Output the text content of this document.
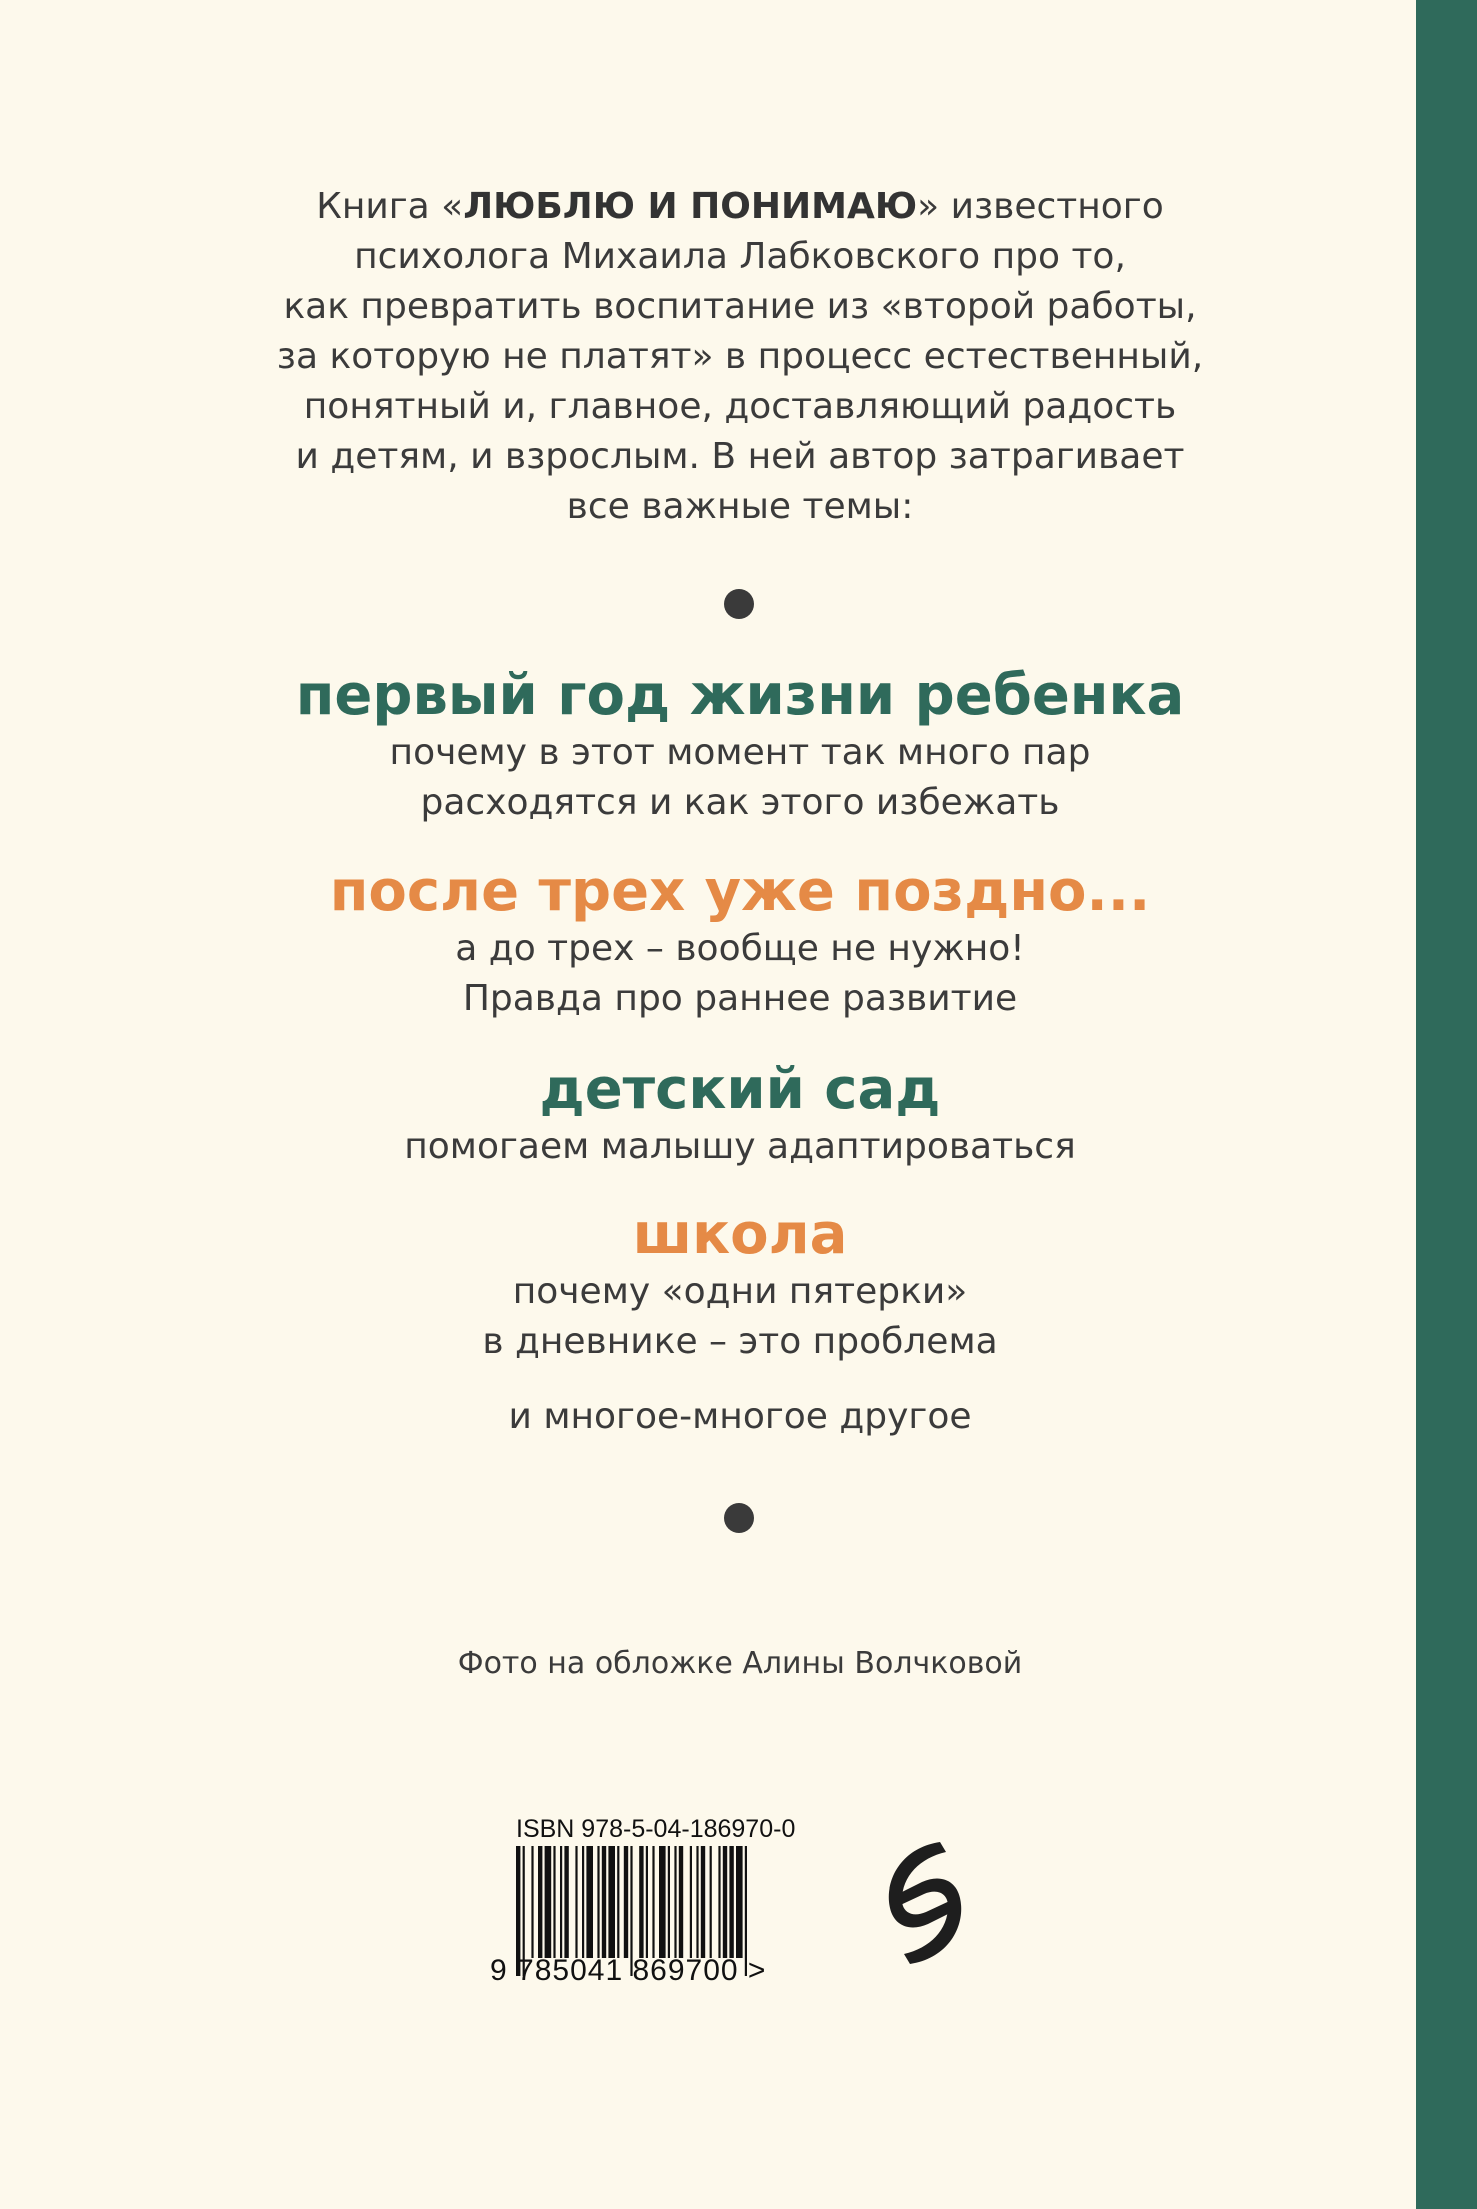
Книга «ЛЮБЛЮ И ПОНИМАЮ» известного
психолога Михаила Лабковского про то,
как превратить воспитание из «второй работы,
за которую не платят» в процесс естественный,
понятный и, главное, доставляющий радость
и детям, и взрослым. В ней автор затрагивает
все важные темы:
первый год жизни ребенка
почему в этот момент так много пар
расходятся и как этого избежать
после трех уже поздно...
а до трех – вообще не нужно!
Правда про раннее развитие
детский сад
помогаем малышу адаптироваться
школа
почему «одни пятерки»
в дневнике – это проблема
и многое-многое другое
Фото на обложке Алины Волчковой
ISBN 978-5-04-186970-0
9 785041 869700 >
